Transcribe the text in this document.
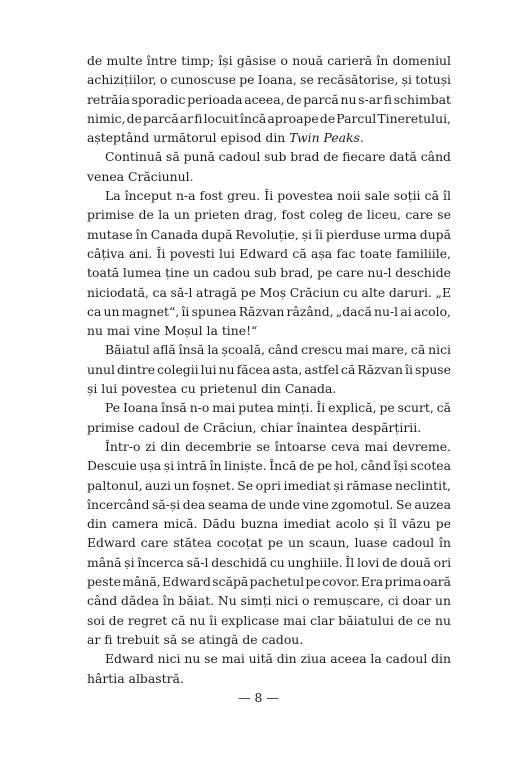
de multe între timp; își găsise o nouă carieră în domeniul
achizițiilor, o cunoscuse pe Ioana, se recăsătorise, și totuși
retrăia sporadic perioada aceea, de parcă nu s-ar fi schimbat
nimic, de parcă ar fi locuit încă aproape de Parcul Tineretului,
așteptând următorul episod din Twin Peaks.
Continuă să pună cadoul sub brad de fiecare dată când
venea Crăciunul.
La început n-a fost greu. Îi povestea noii sale soții că îl
primise de la un prieten drag, fost coleg de liceu, care se
mutase în Canada după Revoluție, și îi pierduse urma după
câțiva ani. Îi povesti lui Edward că așa fac toate familiile,
toată lumea ține un cadou sub brad, pe care nu-l deschide
niciodată, ca să-l atragă pe Moș Crăciun cu alte daruri. „E
ca un magnet“, îi spunea Răzvan râzând, „dacă nu-l ai acolo,
nu mai vine Moșul la tine!“
Băiatul află însă la școală, când crescu mai mare, că nici
unul dintre colegii lui nu făcea asta, astfel că Răzvan îi spuse
și lui povestea cu prietenul din Canada.
Pe Ioana însă n-o mai putea minți. Îi explică, pe scurt, că
primise cadoul de Crăciun, chiar înaintea despărțirii.
Într-o zi din decembrie se întoarse ceva mai devreme.
Descuie ușa și intră în liniște. Încă de pe hol, când își scotea
paltonul, auzi un foșnet. Se opri imediat și rămase neclintit,
încercând să-și dea seama de unde vine zgomotul. Se auzea
din camera mică. Dădu buzna imediat acolo și îl văzu pe
Edward care stătea cocoțat pe un scaun, luase cadoul în
mână și încerca să-l deschidă cu unghiile. Îl lovi de două ori
peste mână, Edward scăpă pachetul pe covor. Era prima oară
când dădea în băiat. Nu simți nici o remușcare, ci doar un
soi de regret că nu îi explicase mai clar băiatului de ce nu
ar fi trebuit să se atingă de cadou.
Edward nici nu se mai uită din ziua aceea la cadoul din
hârtia albastră.
— 8 —
